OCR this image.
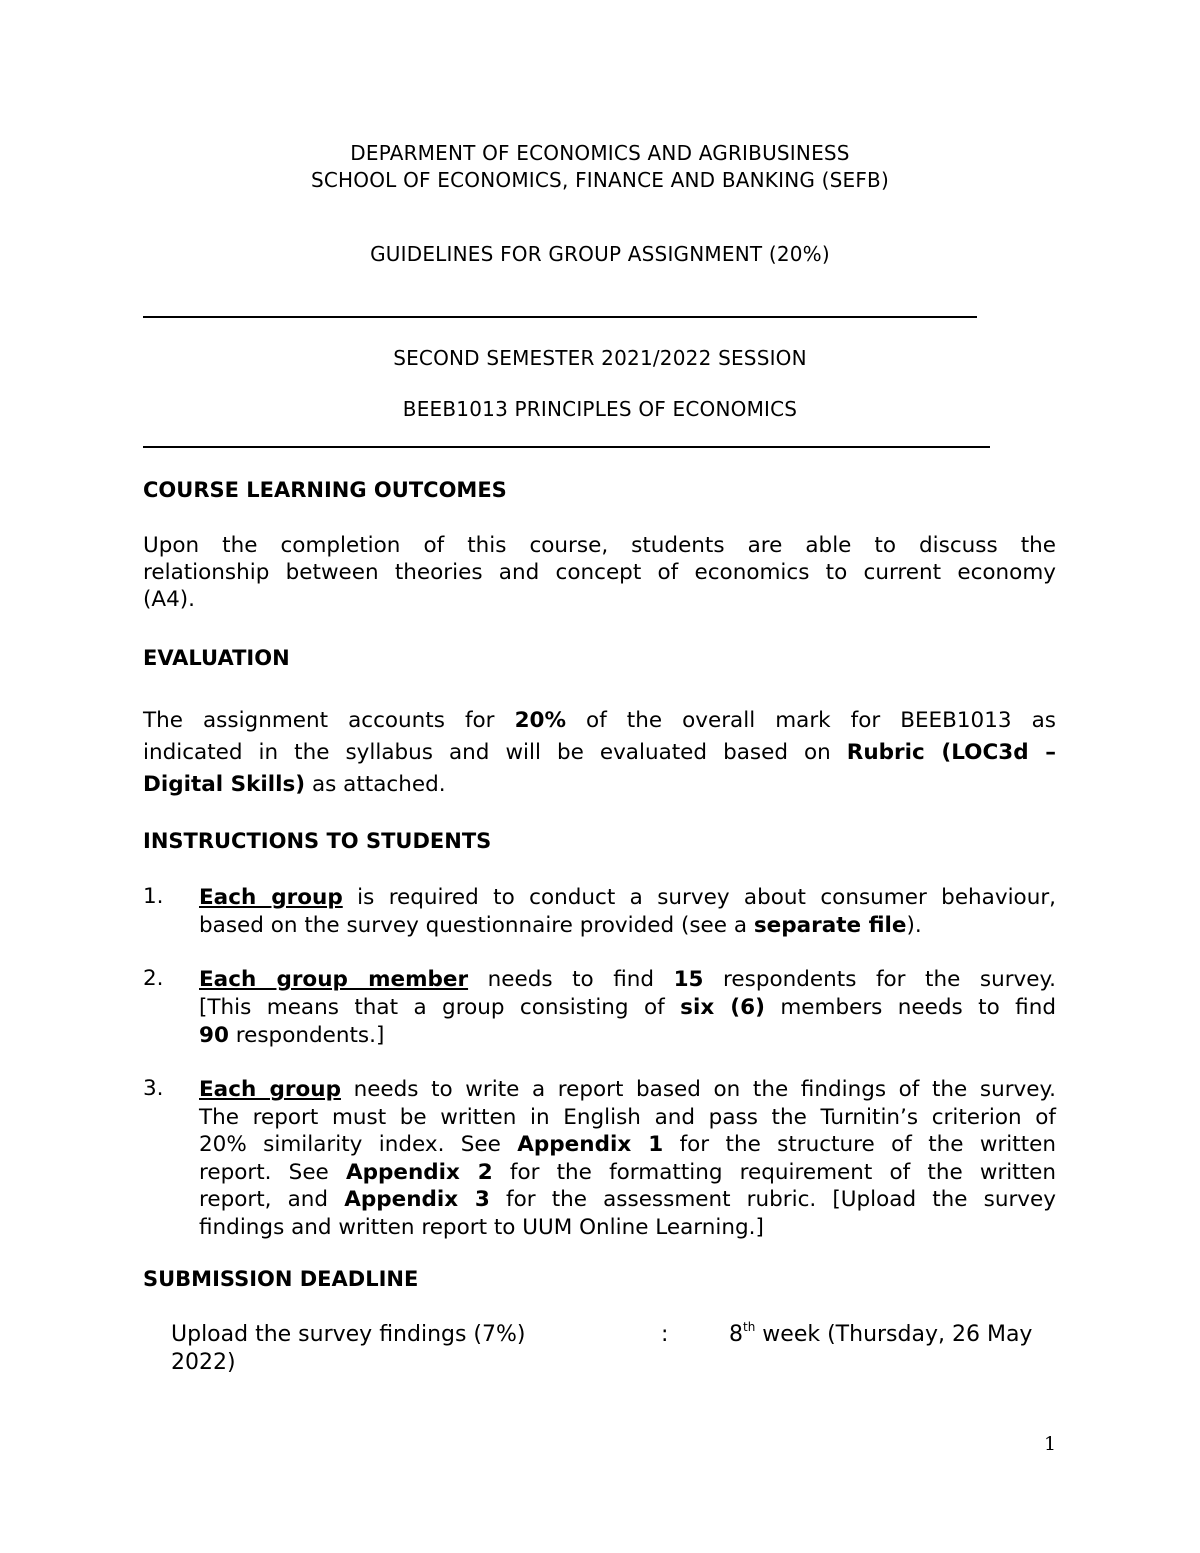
DEPARMENT OF ECONOMICS AND AGRIBUSINESS
SCHOOL OF ECONOMICS, FINANCE AND BANKING (SEFB)
GUIDELINES FOR GROUP ASSIGNMENT (20%)
SECOND SEMESTER 2021/2022 SESSION
BEEB1013 PRINCIPLES OF ECONOMICS
COURSE LEARNING OUTCOMES
Upon the completion of this course, students are able to discuss the
relationship between theories and concept of economics to current economy
(A4).
EVALUATION
The assignment accounts for 20% of the overall mark for BEEB1013 as
indicated in the syllabus and will be evaluated based on Rubric (LOC3d –
Digital Skills) as attached.
INSTRUCTIONS TO STUDENTS
1. Each group is required to conduct a survey about consumer behaviour,
based on the survey questionnaire provided (see a separate file).
2. Each group member needs to find 15 respondents for the survey.
[This means that a group consisting of six (6) members needs to find
90 respondents.]
3. Each group needs to write a report based on the findings of the survey.
The report must be written in English and pass the Turnitin’s criterion of
20% similarity index. See Appendix 1 for the structure of the written
report. See Appendix 2 for the formatting requirement of the written
report, and Appendix 3 for the assessment rubric. [Upload the survey
findings and written report to UUM Online Learning.]
SUBMISSION DEADLINE
Upload the survey findings (7%)	:	8th week (Thursday, 26 May
2022)
1
